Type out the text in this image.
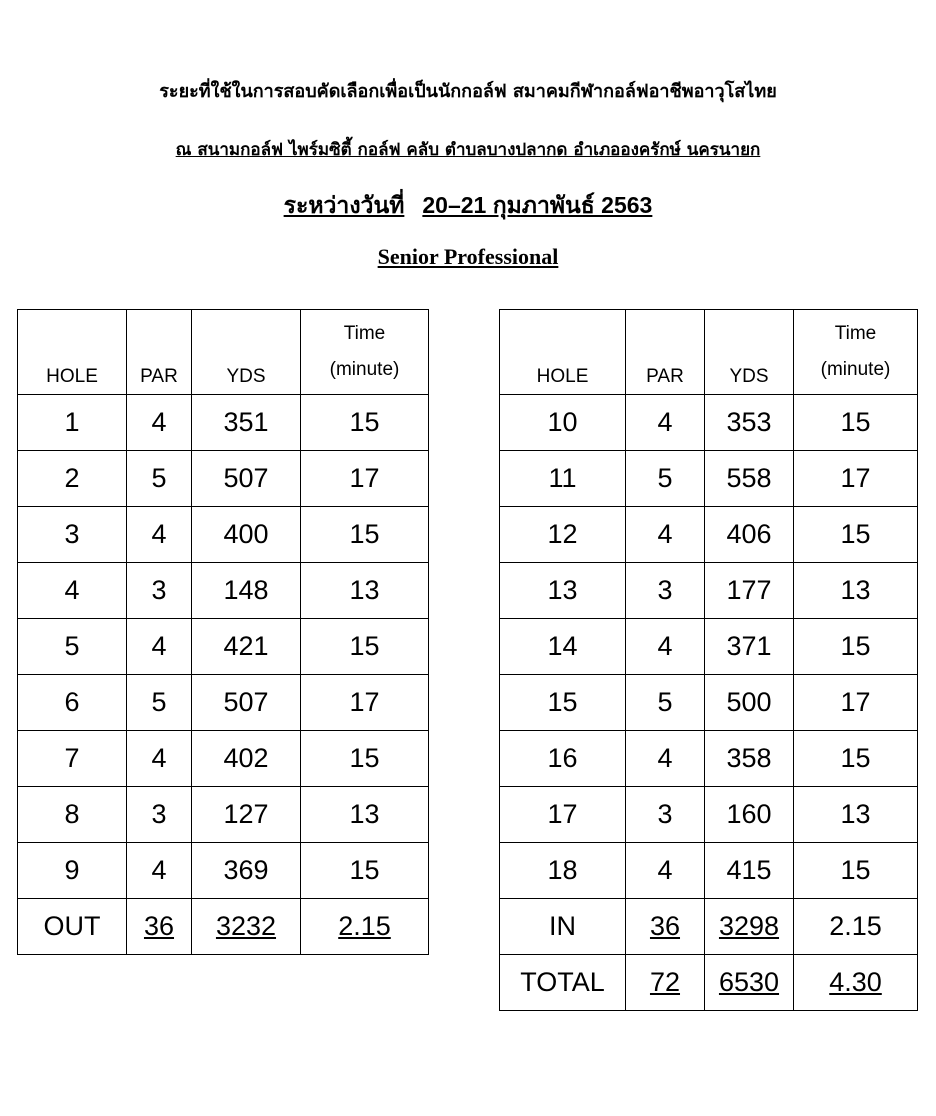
ระยะที่ใช้ในการสอบคัดเลือกเพื่อเป็นนักกอล์ฟ สมาคมกีฬากอล์ฟอาชีพอาวุโสไทย
ณ สนามกอล์ฟ ไพร์มซิตี้ กอล์ฟ คลับ ตำบลบางปลากด อำเภอองครักษ์ นครนายก
ระหว่างวันที่ 20–21 กุมภาพันธ์ 2563
Senior Professional
HOLE	PAR	YDS	Time
(minute)

1	4	351	15
2	5	507	17
3	4	400	15
4	3	148	13
5	4	421	15
6	5	507	17
7	4	402	15
8	3	127	13
9	4	369	15
OUT	36	3232	2.15
HOLE	PAR	YDS	Time
(minute)

10	4	353	15
11	5	558	17
12	4	406	15
13	3	177	13
14	4	371	15
15	5	500	17
16	4	358	15
17	3	160	13
18	4	415	15
IN	36	3298	2.15
TOTAL	72	6530	4.30
